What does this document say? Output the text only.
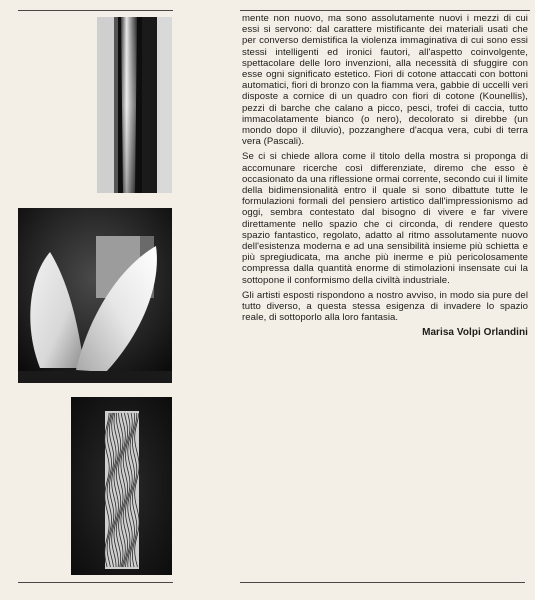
mente non nuovo, ma sono assolutamente nuovi i mezzi di cui essi si servono: dal carattere mistificante dei materiali usati che per converso demistifica la violenza immaginativa di cui sono essi stessi intelligenti ed ironici fautori, all'aspetto coinvolgente, spettacolare delle loro invenzioni, alla necessità di sfuggire con esse ogni significato estetico. Fiori di cotone attaccati con bottoni automatici, fiori di bronzo con la fiamma vera, gabbie di uccelli veri disposte a cornice di un quadro con fiori di cotone (Kounellis), pezzi di barche che calano a picco, pesci, trofei di caccia, tutto immacolatamente bianco (o nero), decolorato si direbbe (un mondo dopo il diluvio), pozzanghere d'acqua vera, cubi di terra vera (Pascali).

Se ci si chiede allora come il titolo della mostra si proponga di accomunare ricerche così differenziate, diremo che esso è occasionato da una riflessione ormai corrente, secondo cui il limite della bidimensionalità entro il quale si sono dibattute tutte le formulazioni formali del pensiero artistico dall'impressionismo ad oggi, sembra contestato dal bisogno di vivere e far vivere direttamente nello spazio che ci circonda, di rendere questo spazio fantastico, regolato, adatto al ritmo assolutamente nuovo dell'esistenza moderna e ad una sensibilità insieme più schietta e più spregiudicata, ma anche più inerme e più pericolosamente compressa dalla quantità enorme di stimolazioni insensate cui la sottopone il conformismo della civiltà industriale.

Gli artisti esposti rispondono a nostro avviso, in modo sia pure del tutto diverso, a questa stessa esigenza di invadere lo spazio reale, di sottoporlo alla loro fantasia.

Marisa Volpi Orlandini
